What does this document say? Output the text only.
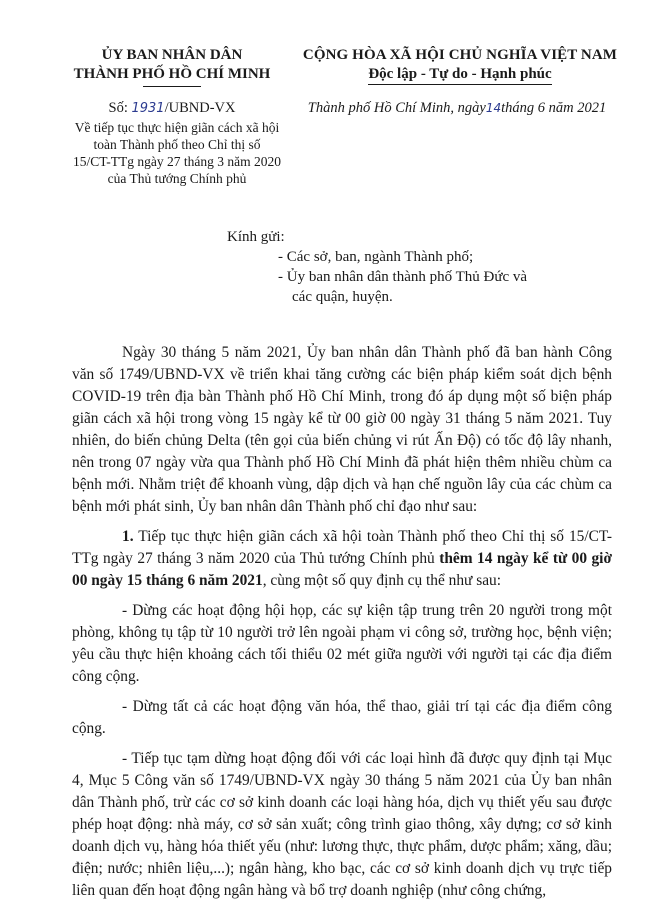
ỦY BAN NHÂN DÂN
THÀNH PHỐ HỒ CHÍ MINH
CỘNG HÒA XÃ HỘI CHỦ NGHĨA VIỆT NAM
Độc lập - Tự do - Hạnh phúc
Số: 1931/UBND-VX	Thành phố Hồ Chí Minh, ngày14tháng 6 năm 2021
Về tiếp tục thực hiện giãn cách xã hội
toàn Thành phố theo Chỉ thị số
15/CT-TTg ngày 27 tháng 3 năm 2020
của Thủ tướng Chính phủ
Kính gửi:
- Các sở, ban, ngành Thành phố;
- Ủy ban nhân dân thành phố Thủ Đức và
các quận, huyện.

Ngày 30 tháng 5 năm 2021, Ủy ban nhân dân Thành phố đã ban hành Công văn số 1749/UBND-VX về triển khai tăng cường các biện pháp kiểm soát dịch bệnh COVID-19 trên địa bàn Thành phố Hồ Chí Minh, trong đó áp dụng một số biện pháp giãn cách xã hội trong vòng 15 ngày kể từ 00 giờ 00 ngày 31 tháng 5 năm 2021. Tuy nhiên, do biến chủng Delta (tên gọi của biến chủng vi rút Ấn Độ) có tốc độ lây nhanh, nên trong 07 ngày vừa qua Thành phố Hồ Chí Minh đã phát hiện thêm nhiều chùm ca bệnh mới. Nhằm triệt để khoanh vùng, dập dịch và hạn chế nguồn lây của các chùm ca bệnh mới phát sinh, Ủy ban nhân dân Thành phố chỉ đạo như sau:

1. Tiếp tục thực hiện giãn cách xã hội toàn Thành phố theo Chỉ thị số 15/CT-TTg ngày 27 tháng 3 năm 2020 của Thủ tướng Chính phủ thêm 14 ngày kể từ 00 giờ 00 ngày 15 tháng 6 năm 2021, cùng một số quy định cụ thể như sau:

- Dừng các hoạt động hội họp, các sự kiện tập trung trên 20 người trong một phòng, không tụ tập từ 10 người trở lên ngoài phạm vi công sở, trường học, bệnh viện; yêu cầu thực hiện khoảng cách tối thiểu 02 mét giữa người với người tại các địa điểm công cộng.

- Dừng tất cả các hoạt động văn hóa, thể thao, giải trí tại các địa điểm công cộng.

- Tiếp tục tạm dừng hoạt động đối với các loại hình đã được quy định tại Mục 4, Mục 5 Công văn số 1749/UBND-VX ngày 30 tháng 5 năm 2021 của Ủy ban nhân dân Thành phố, trừ các cơ sở kinh doanh các loại hàng hóa, dịch vụ thiết yếu sau được phép hoạt động: nhà máy, cơ sở sản xuất; công trình giao thông, xây dựng; cơ sở kinh doanh dịch vụ, hàng hóa thiết yếu (như: lương thực, thực phẩm, dược phẩm; xăng, dầu; điện; nước; nhiên liệu,...); ngân hàng, kho bạc, các cơ sở kinh doanh dịch vụ trực tiếp liên quan đến hoạt động ngân hàng và bổ trợ doanh nghiệp (như công chứng,
